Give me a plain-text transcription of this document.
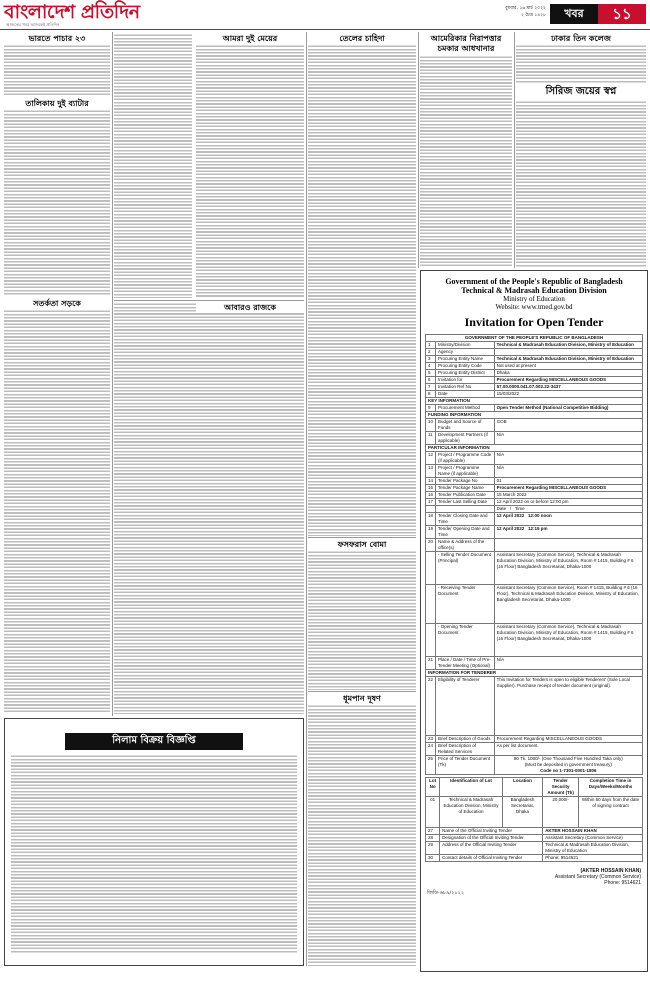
বাংলাদেশ প্রতিদিন
আজকের খবর আজকেই প্রতিদিন
বুধবার, ১৬ মার্চ ২০২২
২ চৈত্র ১৪২৮	খবর	১১
ভারতে পাচার ২৩
তালিকায় দুই ব্যাটার
সতর্কতা সড়কে
আমরা দুই মেয়ের
আবারও রাজকে
তেলের চাহিদা
ফসফরাস বোমা
আমেরিকার নিরাপত্তার
চমকার আধখানার
ঢাকার তিন কলেজ
সিরিজ জয়ের স্বপ্ন
ধূমপান দূষণ
নিলাম বিক্রয় বিজ্ঞপ্তি
Government of the People's Republic of Bangladesh
Technical & Madrasah Education Division
Ministry of Education
Website: www.tmed.gov.bd
Invitation for Open Tender
GOVERNMENT OF THE PEOPLE'S REPUBLIC OF BANGLADESH		
1	Ministry/Division	Technical & Madrasah Education Division, Ministry of Education
2	Agency	
3	Procuring Entity Name	Technical & Madrasah Education Division, Ministry of Education
4	Procuring Entity Code	Not used at present
5	Procuring Entity District	Dhaka
6	Invitation for	Procurement Regarding MISCELLANEOUS GOODS
7	Invitation Ref No	57.00.0000.041.07.002.22-3437
8	Date	15/03/2022
KEY INFORMATION		
9	Procurement Method	Open Tender Method (National Competitive Bidding)
FUNDING INFORMATION		
10	Budget and Source of Funds	GOB
11	Development Partners (if applicable)	N/A
PARTICULAR INFORMATION		
12	Project / Programme Code (if applicable)	N/A
13	Project / Programme Name (if applicable)	N/A
14	Tender Package No	01
15	Tender Package Name	Procurement Regarding MISCELLANEOUS GOODS
16	Tender Publication Date	15 March 2022
17	Tender Last Selling Date	12 April 2022 on or before 12:00 pm
		Date   /   Time
18	Tender Closing Date and Time	12 April 2022 12:00 noon
19	Tender Opening Date and Time	12 April 2022 12:15 pm
20	Name & Address of the office(s)	
	- Selling Tender Document (Principal)	Assistant Secretary (Common Service), Technical & Madrasah Education Division, Ministry of Education, Room # 1415, Building # 6 (16 Floor) Bangladesh Secretariat, Dhaka-1000
	- Receiving Tender Document	Assistant Secretary (Common Service), Room # 1415, Building # 6 (16 Floor), Technical & Madrasah Education Division, Ministry of Education, Bangladesh Secretariat, Dhaka-1000
	- Opening Tender Document	Assistant Secretary (Common Service), Technical & Madrasah Education Division, Ministry of Education, Room # 1415, Building # 6 (16 Floor) Bangladesh Secretariat, Dhaka-1000
21	Place / Date / Time of Pre-Tender Meeting (Optional)	N/A
INFORMATION FOR TENDERER		
22	Eligibility of Tenderer	This Invitation for Tenders is open to eligible Tenderers' (Sole Local Supplier). Purchase receipt of tender document (original).
23	Brief Description of Goods	Procurement Regarding MISCELLANEOUS GOODS
24	Brief Description of Related Services	As per list document.
25	Price of Tender Document (Tk)	80 Tk. 1000/- (One Thousand Five Hundred Taka only)
(Must be deposited in government treasury)
Code no 1-7301-0001-1806
Lot No	Identification of Lot	Location	Tender Security Amount (Tk)	Completion Time in Days/Weeks/Months
01	Technical & Madrasah Education Division, Ministry of Education	Bangladesh Secretariat, Dhaka	20,000/-	Within 60 days from the date of signing contract
27	Name of the Official Inviting Tender		AKTER HOSSAIN KHAN	
28	Designation of the Official Inviting Tender		Assistant Secretary (Common Service)	
29	Address of the Official Inviting Tender		Technical & Madrasah Education Division, Ministry of Education	
30	Contact details of Official Inviting Tender		Phone: 9514621	
(AKTER HOSSAIN KHAN)
Assistant Secretary (Common Service)
Phone: 9514621
জিডি-৬৮৯/২০২২
